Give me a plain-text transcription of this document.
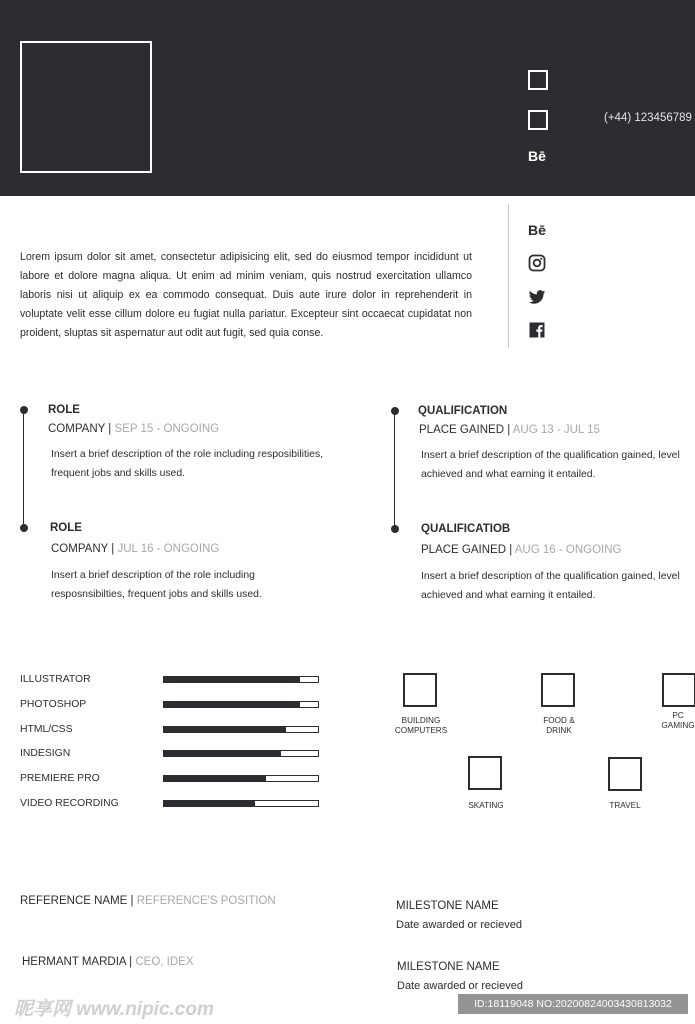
Bē
(+44) 123456789
Lorem ipsum dolor sit amet, consectetur adipisicing elit, sed do eiusmod tempor incididunt ut labore et dolore magna aliqua. Ut enim ad minim veniam, quis nostrud exercitation ullamco laboris nisi ut aliquip ex ea commodo consequat. Duis aute irure dolor in reprehenderit in voluptate velit esse cillum dolore eu fugiat nulla pariatur. Excepteur sint occaecat cupidatat non proident, sluptas sit aspernatur aut odit aut fugit, sed quia conse.
Bē
ROLE
COMPANY | SEP 15 - ONGOING
Insert a brief description of the role including resposibilities, frequent jobs and skills used.
ROLE
COMPANY | JUL 16 - ONGOING
Insert a brief description of the role including resposnsibilties, frequent jobs and skills used.
QUALIFICATION
PLACE GAINED | AUG 13 - JUL 15
Insert a brief description of the qualification gained, level achieved and what earning it entailed.
QUALIFICATIOB
PLACE GAINED | AUG 16 - ONGOING
Insert a brief description of the qualification gained, level achieved and what earning it entailed.
ILLUSTRATOR
PHOTOSHOP
HTML/CSS
INDESIGN
PREMIERE PRO
VIDEO RECORDING
BUILDING
COMPUTERS
FOOD &
DRINK
PC
GAMING
SKATING	TRAVEL
REFERENCE NAME | REFERENCE'S POSITION
HERMANT MARDIA | CEO, IDEX
MILESTONE NAME
Date awarded or recieved
MILESTONE NAME
Date awarded or recieved
昵享网 www.nipic.com	ID:18119048 NO:20200824003430813032
